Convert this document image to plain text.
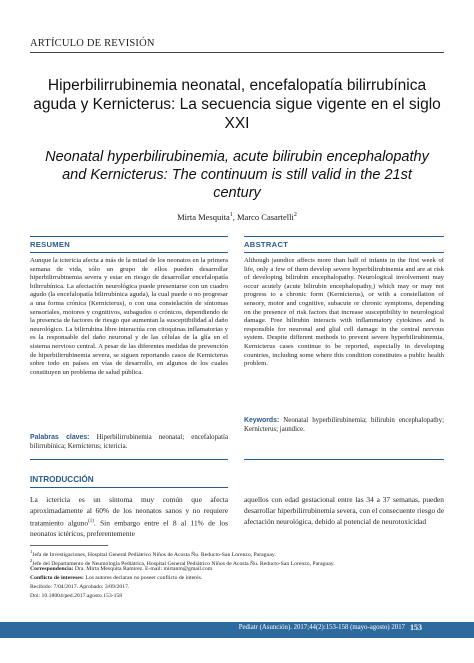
ARTÍCULO DE REVISIÓN
Hiperbilirrubinemia neonatal, encefalopatía bilirrubínica aguda y Kernicterus: La secuencia sigue vigente en el siglo XXI
Neonatal hyperbilirubinemia, acute bilirubin encephalopathy and Kernicterus: The continuum is still valid in the 21st century
Mirta Mesquita$^1$, Marco Casartelli$^2$
RESUMEN
Aunque la ictericia afecta a más de la mitad de los neonatos en la primera semana de vida, sólo un grupo de ellos pueden desarrollar hiperbilirrubinemia severa y estar en riesgo de desarrollar encefalopatía bilirrubínica. La afectación neurológica puede presentarse con un cuadro agudo (la encefalopatía bilirrubínica aguda), la cual puede o no progresar a una forma crónica (Kernicterus), o con una constelación de síntomas sensoriales, motores y cognitivos, subagudos o crónicos, dependiendo de la presencia de factores de riesgo que aumentan la susceptibilidad al daño neurológico. La bilirrubina libre interactúa con citoquinas inflamatorias y es la responsable del daño neuronal y de las células de la glía en el sistema nervioso central. A pesar de las diferentes medidas de prevención de hiperbilirrubinemia severa, se siguen reportando casos de Kernicterus sobre todo en países en vías de desarrollo, en algunos de los cuales constituyen un problema de salud pública.
Palabras claves: Hiperbilirrubinemia neonatal; encefalopatía bilirrubínica; Kernicterus; ictericia.
ABSTRACT
Although jaundice affects more than half of infants in the first week of life, only a few of them develop severe hyperbilirubinemia and are at risk of developing bilirubin encephalopathy. Neurological involvement may occur acutely (acute bilirubin encephalopathy,) which may or may not progress to a chronic form (Kernicterus), or with a constellation of sensory, motor and cognitive, subacute or chronic symptoms, depending on the presence of risk factors that increase susceptibility to neurological damage. Free bilirubin interacts with inflammatory cytokines and is responsible for neuronal and glial cell damage in the central nervous system. Despite different methods to prevent severe hyperbilirubinemia, Kernicterus cases continue to be reported, especially in developing countries, including some where this condition constitutes a public health problem.
Keywords: Neonatal hyperbilirubinemia; bilirubin encephalopathy; Kernicterus; jaundice.
INTRODUCCIÓN
La ictericia es un síntoma muy común que afecta aproximadamente al 60% de los neonatos sanos y no requiere tratamiento alguno$^{(1)}$. Sin embargo entre el 8 al 11% de los neonatos ictéricos, preferentemente
aquellos con edad gestacional entre las 34 a 37 semanas, pueden desarrollar hiperbilirrubinemia severa, con el consecuente riesgo de afectación neurológica, debido al potencial de neurotoxicidad
$^1$Jefa de Investigaciones, Hospital General Pediátrico Niños de Acosta Ñu. Reducto-San Lorenzo, Paraguay.
$^2$Jefe del Departamento de Neumología Pediátrica, Hospital General Pediátrico Niños de Acosta Ñu. Reducto-San Lorenzo, Paraguay.
Correspondencia: Dra. Mirta Mesquita Ramirez. E-mail: mirtanm@gmail.com
Conflicto de intereses: Los autores declaran no poseer conflicto de interés.
Recibido: 7/04/2017. Aprobado: 3/09/2017.
Doi: 10.18004/ped.2017.agosto.153-158
Pediatr (Asunción). 2017;44(2):153-158 (mayo-agosto) 2017 153
